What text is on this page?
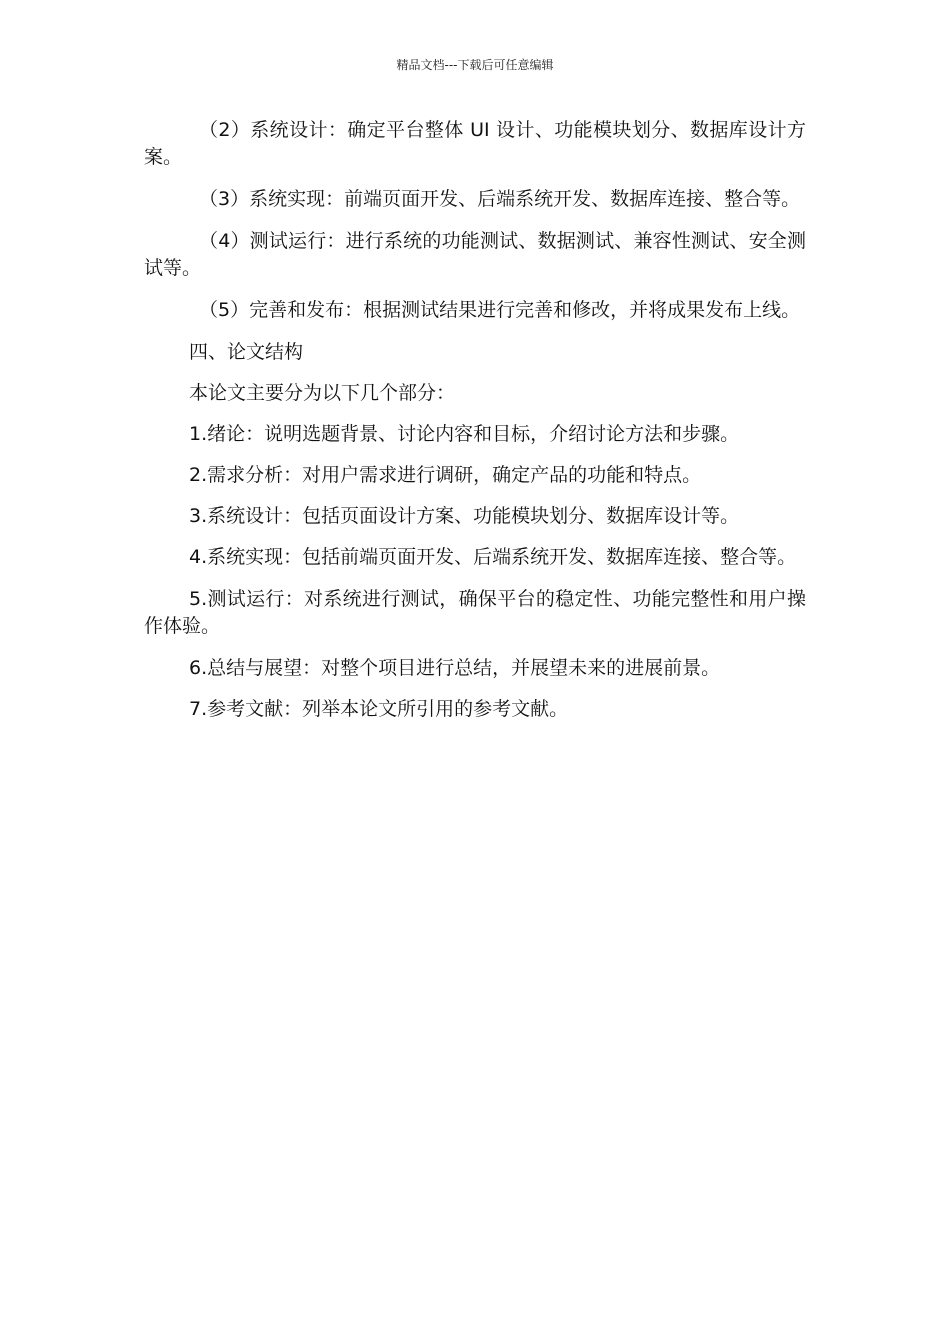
精品文档---下载后可任意编辑

（2）系统设计：确定平台整体 UI 设计、功能模块划分、数据库设计方案。

（3）系统实现：前端页面开发、后端系统开发、数据库连接、整合等。

（4）测试运行：进行系统的功能测试、数据测试、兼容性测试、安全测试等。

（5）完善和发布：根据测试结果进行完善和修改，并将成果发布上线。

四、论文结构

本论文主要分为以下几个部分：

1.绪论：说明选题背景、讨论内容和目标，介绍讨论方法和步骤。

2.需求分析：对用户需求进行调研，确定产品的功能和特点。

3.系统设计：包括页面设计方案、功能模块划分、数据库设计等。

4.系统实现：包括前端页面开发、后端系统开发、数据库连接、整合等。

5.测试运行：对系统进行测试，确保平台的稳定性、功能完整性和用户操作体验。

6.总结与展望：对整个项目进行总结，并展望未来的进展前景。

7.参考文献：列举本论文所引用的参考文献。
